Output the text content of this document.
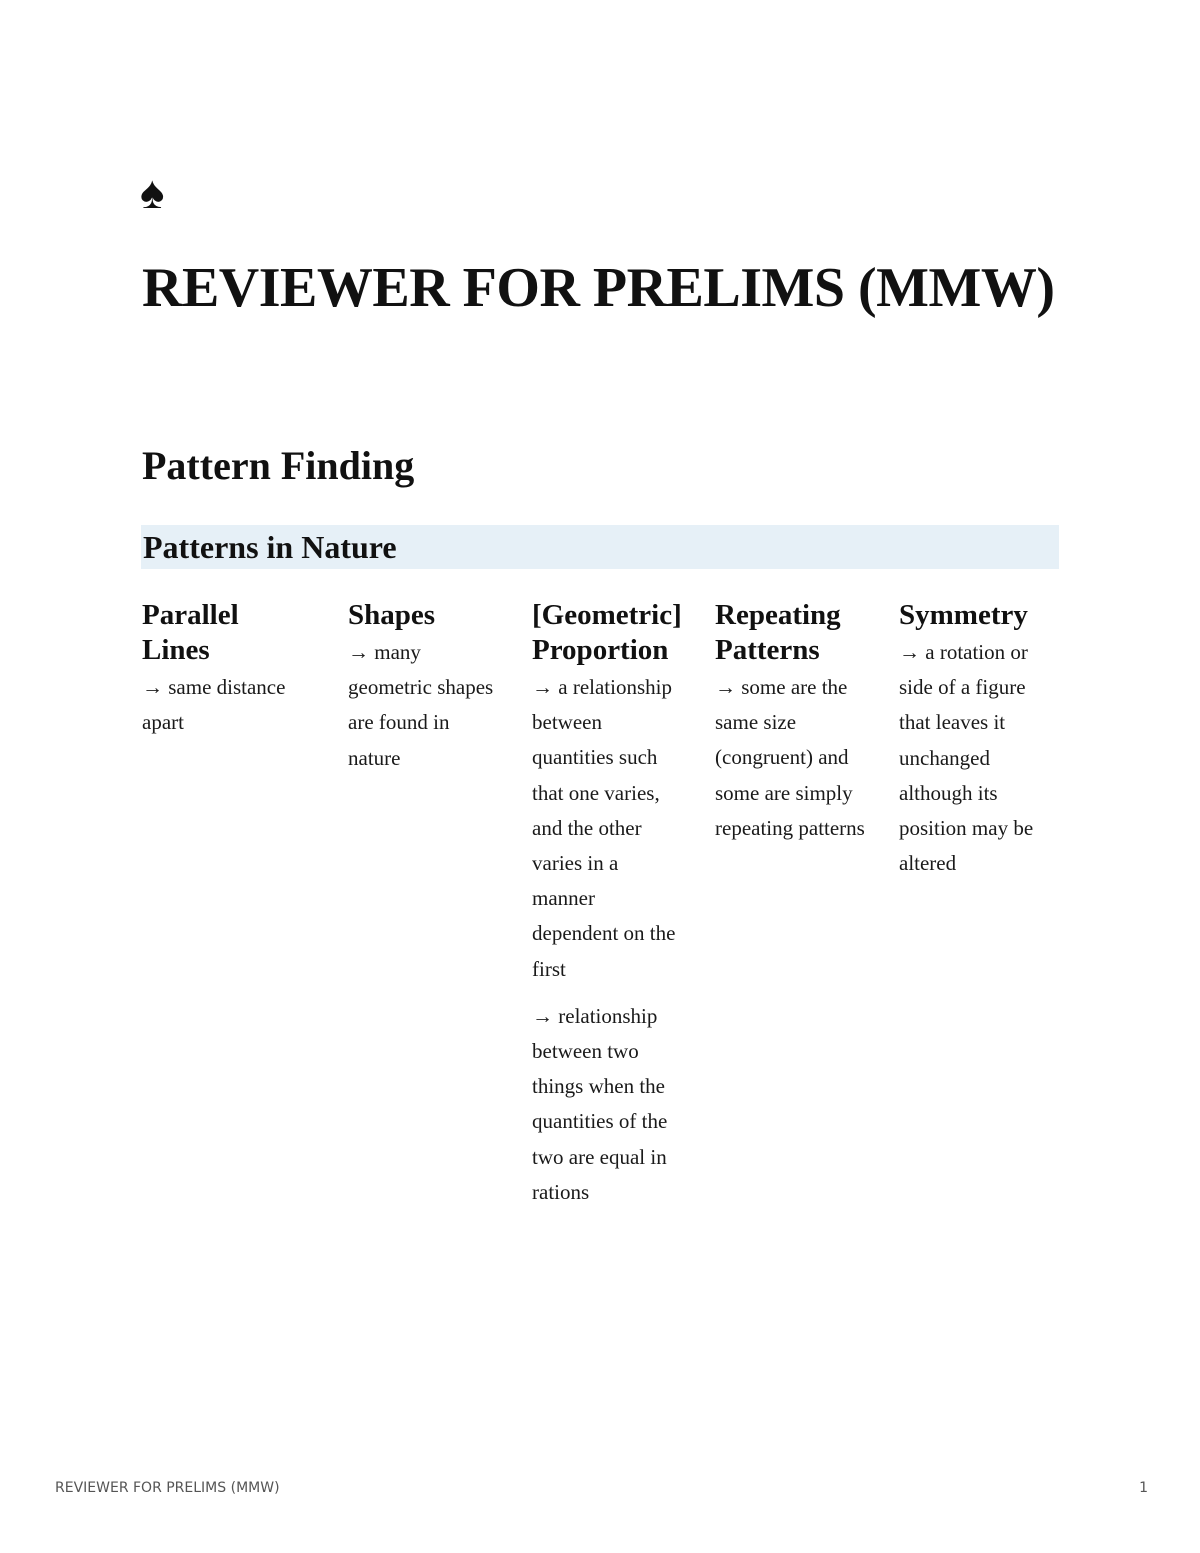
♠
REVIEWER FOR PRELIMS (MMW)
Pattern Finding
Patterns in Nature
Parallel Lines

→ same distance apart

Shapes

→ many geometric shapes are found in nature

[Geometric] Proportion

→ a relationship between quantities such that one varies, and the other varies in a manner dependent on the first

→ relationship between two things when the quantities of the two are equal in rations

Repeating Patterns

→ some are the same size (congruent) and some are simply repeating patterns

Symmetry

→ a rotation or side of a figure that leaves it unchanged although its position may be altered

REVIEWER FOR PRELIMS (MMW)	1
